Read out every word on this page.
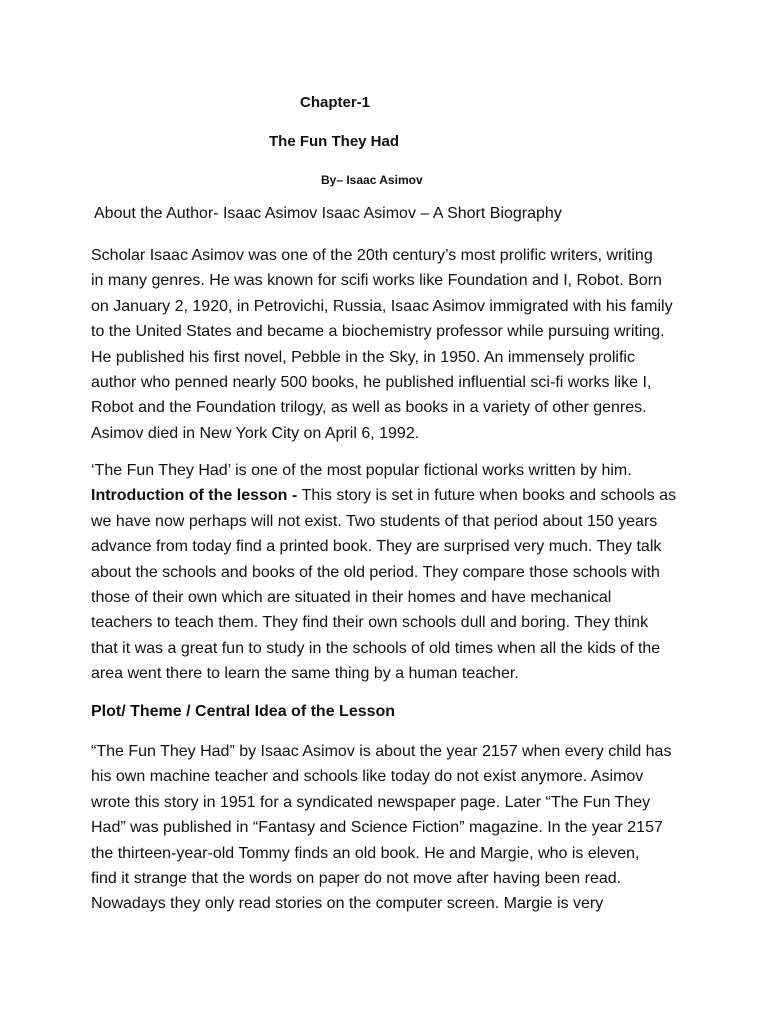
Chapter-1
The Fun They Had
By– Isaac Asimov
About the Author- Isaac Asimov Isaac Asimov – A Short Biography
Scholar Isaac Asimov was one of the 20th century’s most prolific writers, writing
in many genres. He was known for scifi works like Foundation and I, Robot. Born
on January 2, 1920, in Petrovichi, Russia, Isaac Asimov immigrated with his family
to the United States and became a biochemistry professor while pursuing writing.
He published his first novel, Pebble in the Sky, in 1950. An immensely prolific
author who penned nearly 500 books, he published influential sci-fi works like I,
Robot and the Foundation trilogy, as well as books in a variety of other genres.
Asimov died in New York City on April 6, 1992.
‘The Fun They Had’ is one of the most popular fictional works written by him.
Introduction of the lesson - This story is set in future when books and schools as
we have now perhaps will not exist. Two students of that period about 150 years
advance from today find a printed book. They are surprised very much. They talk
about the schools and books of the old period. They compare those schools with
those of their own which are situated in their homes and have mechanical
teachers to teach them. They find their own schools dull and boring. They think
that it was a great fun to study in the schools of old times when all the kids of the
area went there to learn the same thing by a human teacher.
Plot/ Theme / Central Idea of the Lesson
“The Fun They Had” by Isaac Asimov is about the year 2157 when every child has
his own machine teacher and schools like today do not exist anymore. Asimov
wrote this story in 1951 for a syndicated newspaper page. Later “The Fun They
Had” was published in “Fantasy and Science Fiction” magazine. In the year 2157
the thirteen-year-old Tommy finds an old book. He and Margie, who is eleven,
find it strange that the words on paper do not move after having been read.
Nowadays they only read stories on the computer screen. Margie is very
